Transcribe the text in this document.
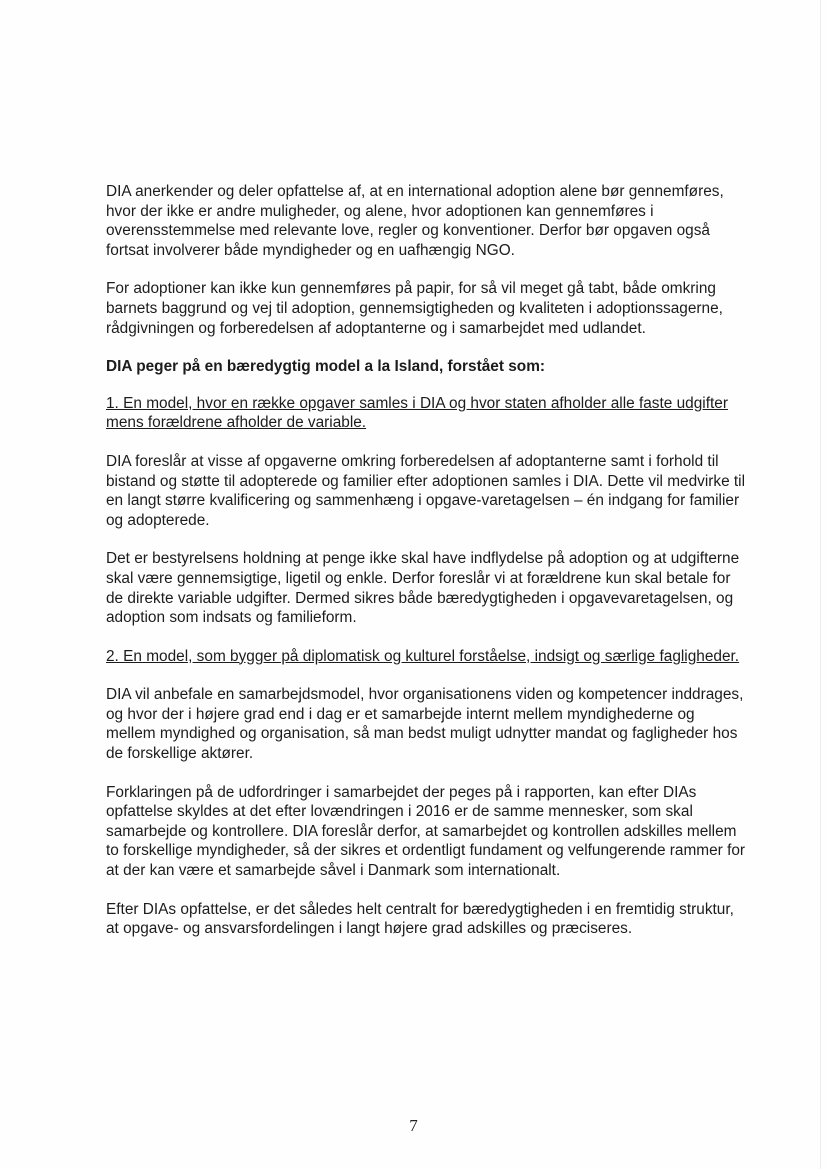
DIA anerkender og deler opfattelse af, at en international adoption alene bør gennemføres, hvor der ikke er andre muligheder, og alene, hvor adoptionen kan gennemføres i overensstemmelse med relevante love, regler og konventioner. Derfor bør opgaven også fortsat involverer både myndigheder og en uafhængig NGO.

For adoptioner kan ikke kun gennemføres på papir, for så vil meget gå tabt, både omkring barnets baggrund og vej til adoption, gennemsigtigheden og kvaliteten i adoptionssagerne, rådgivningen og forberedelsen af adoptanterne og i samarbejdet med udlandet.

DIA peger på en bæredygtig model a la Island, forstået som:

1. En model, hvor en række opgaver samles i DIA og hvor staten afholder alle faste udgifter mens forældrene afholder de variable.

DIA foreslår at visse af opgaverne omkring forberedelsen af adoptanterne samt i forhold til bistand og støtte til adopterede og familier efter adoptionen samles i DIA. Dette vil medvirke til en langt større kvalificering og sammenhæng i opgave-varetagelsen – én indgang for familier og adopterede.

Det er bestyrelsens holdning at penge ikke skal have indflydelse på adoption og at udgifterne skal være gennemsigtige, ligetil og enkle. Derfor foreslår vi at forældrene kun skal betale for de direkte variable udgifter. Dermed sikres både bæredygtigheden i opgavevaretagelsen, og adoption som indsats og familieform.

2. En model, som bygger på diplomatisk og kulturel forståelse, indsigt og særlige fagligheder.

DIA vil anbefale en samarbejdsmodel, hvor organisationens viden og kompetencer inddrages, og hvor der i højere grad end i dag er et samarbejde internt mellem myndighederne og mellem myndighed og organisation, så man bedst muligt udnytter mandat og fagligheder hos de forskellige aktører.

Forklaringen på de udfordringer i samarbejdet der peges på i rapporten, kan efter DIAs opfattelse skyldes at det efter lovændringen i 2016 er de samme mennesker, som skal samarbejde og kontrollere. DIA foreslår derfor, at samarbejdet og kontrollen adskilles mellem to forskellige myndigheder, så der sikres et ordentligt fundament og velfungerende rammer for at der kan være et samarbejde såvel i Danmark som internationalt.

Efter DIAs opfattelse, er det således helt centralt for bæredygtigheden i en fremtidig struktur, at opgave- og ansvarsfordelingen i langt højere grad adskilles og præciseres.

7
